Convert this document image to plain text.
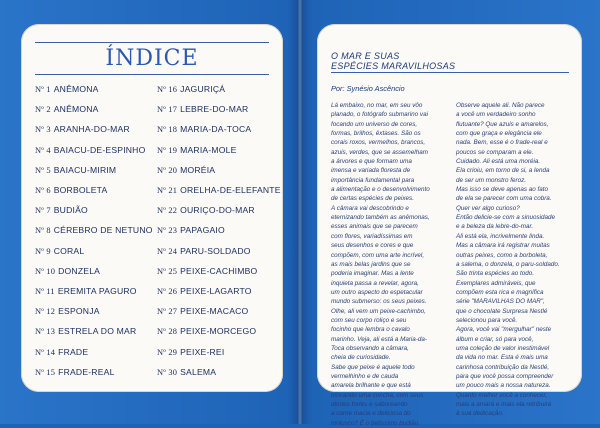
ÍNDICE
Nº 1 ANÊMONA
Nº 2 ANÊMONA
Nº 3 ARANHA-DO-MAR
Nº 4 BAIACU-DE-ESPINHO
Nº 5 BAIACU-MIRIM
Nº 6 BORBOLETA
Nº 7 BUDIÃO
Nº 8 CÉREBRO DE NETUNO
Nº 9 CORAL
Nº 10 DONZELA
Nº 11 EREMITA PAGURO
Nº 12 ESPONJA
Nº 13 ESTRELA DO MAR
Nº 14 FRADE
Nº 15 FRADE-REAL
Nº 16 JAGURIÇÁ
Nº 17 LEBRE-DO-MAR
Nº 18 MARIA-DA-TOCA
Nº 19 MARIA-MOLE
Nº 20 MORÉIA
Nº 21 ORELHA-DE-ELEFANTE
Nº 22 OURIÇO-DO-MAR
Nº 23 PAPAGAIO
Nº 24 PARU-SOLDADO
Nº 25 PEIXE-CACHIMBO
Nº 26 PEIXE-LAGARTO
Nº 27 PEIXE-MACACO
Nº 28 PEIXE-MORCEGO
Nº 29 PEIXE-REI
Nº 30 SALEMA
O MAR E SUAS
ESPÉCIES MARAVILHOSAS
Por: Synésio Ascêncio

Lá embaixo, no mar, em seu vôo

planado, o fotógrafo submarino vai

focando um universo de cores,

formas, brilhos, êxtases. São os

corais roxos, vermelhos, brancos,

azuis, verdes, que se assemelham

a árvores e que formam uma

imensa e variada floresta de

importância fundamental para

a alimentação e o desenvolvimento

de certas espécies de peixes.

A câmara vai descobrindo e

eternizando também as anêmonas,

esses animais que se parecem

com flores, variadíssimas em

seus desenhos e cores e que

compõem, com uma arte incrível,

as mais belas jardins que se

poderia imaginar. Mas a lente

inquieta passa a revelar, agora,

um outro aspecto do espetacular

mundo submerso: os seus peixes.

Olhe, ali vem um peixe-cachimbo,

com seu corpo roliço e seu

focinho que lembra o cavalo

marinho. Veja, ali está a Maria-da-

Toca observando a câmara,

cheia de curiosidade.

Sabe que peixe é aquele todo

vermelhinho e de cauda

amarela brilhante e que está

trincando uma concha, com seus

dentes fortes e saboreando

a carne macia e deliciosa do

molusco? É o belíssimo budião.

Observe aquele ali. Não parece

a você um verdadeiro sonho

flutuante? Que azuis e amarelos,

com que graça e elegância ele

nada. Bem, esse é o frade-real e

poucos se comparam a ele.

Cuidado. Ali está uma moréia.

Ela crioiu, em torno de si, a lenda

de ser um monstro feroz.

Mas isso se deve apenas ao fato

de ela se parecer com uma cobra.

Quer ver algo curioso?

Então delicie-se com a sinuosidade

e a beleza da lebre-do-mar.

Ali está ela, incrivelmente linda.

Mas a câmara irá registrar muitas

outras peixes, como a borboleta,

a salema, o donzela, o paru-soldado.

São trinta espécies ao todo.

Exemplares admiráveis, que

compõem esta rica e magnífica

série "MARAVILHAS DO MAR",

que o chocolate Surpresa Nestlé

selecionou para você.

Agora, você vai "mergulhar" neste

álbum e criar, só para você,

uma coleção de valor inestimável

da vida no mar. Esta é mais uma

carinhosa contribuição da Nestlé,

para que você possa compreender

um pouco mais a nossa natureza.

Quanto melhor você a conhecer,

mais a amará e mais ela retribuirá

à sua dedicação.
